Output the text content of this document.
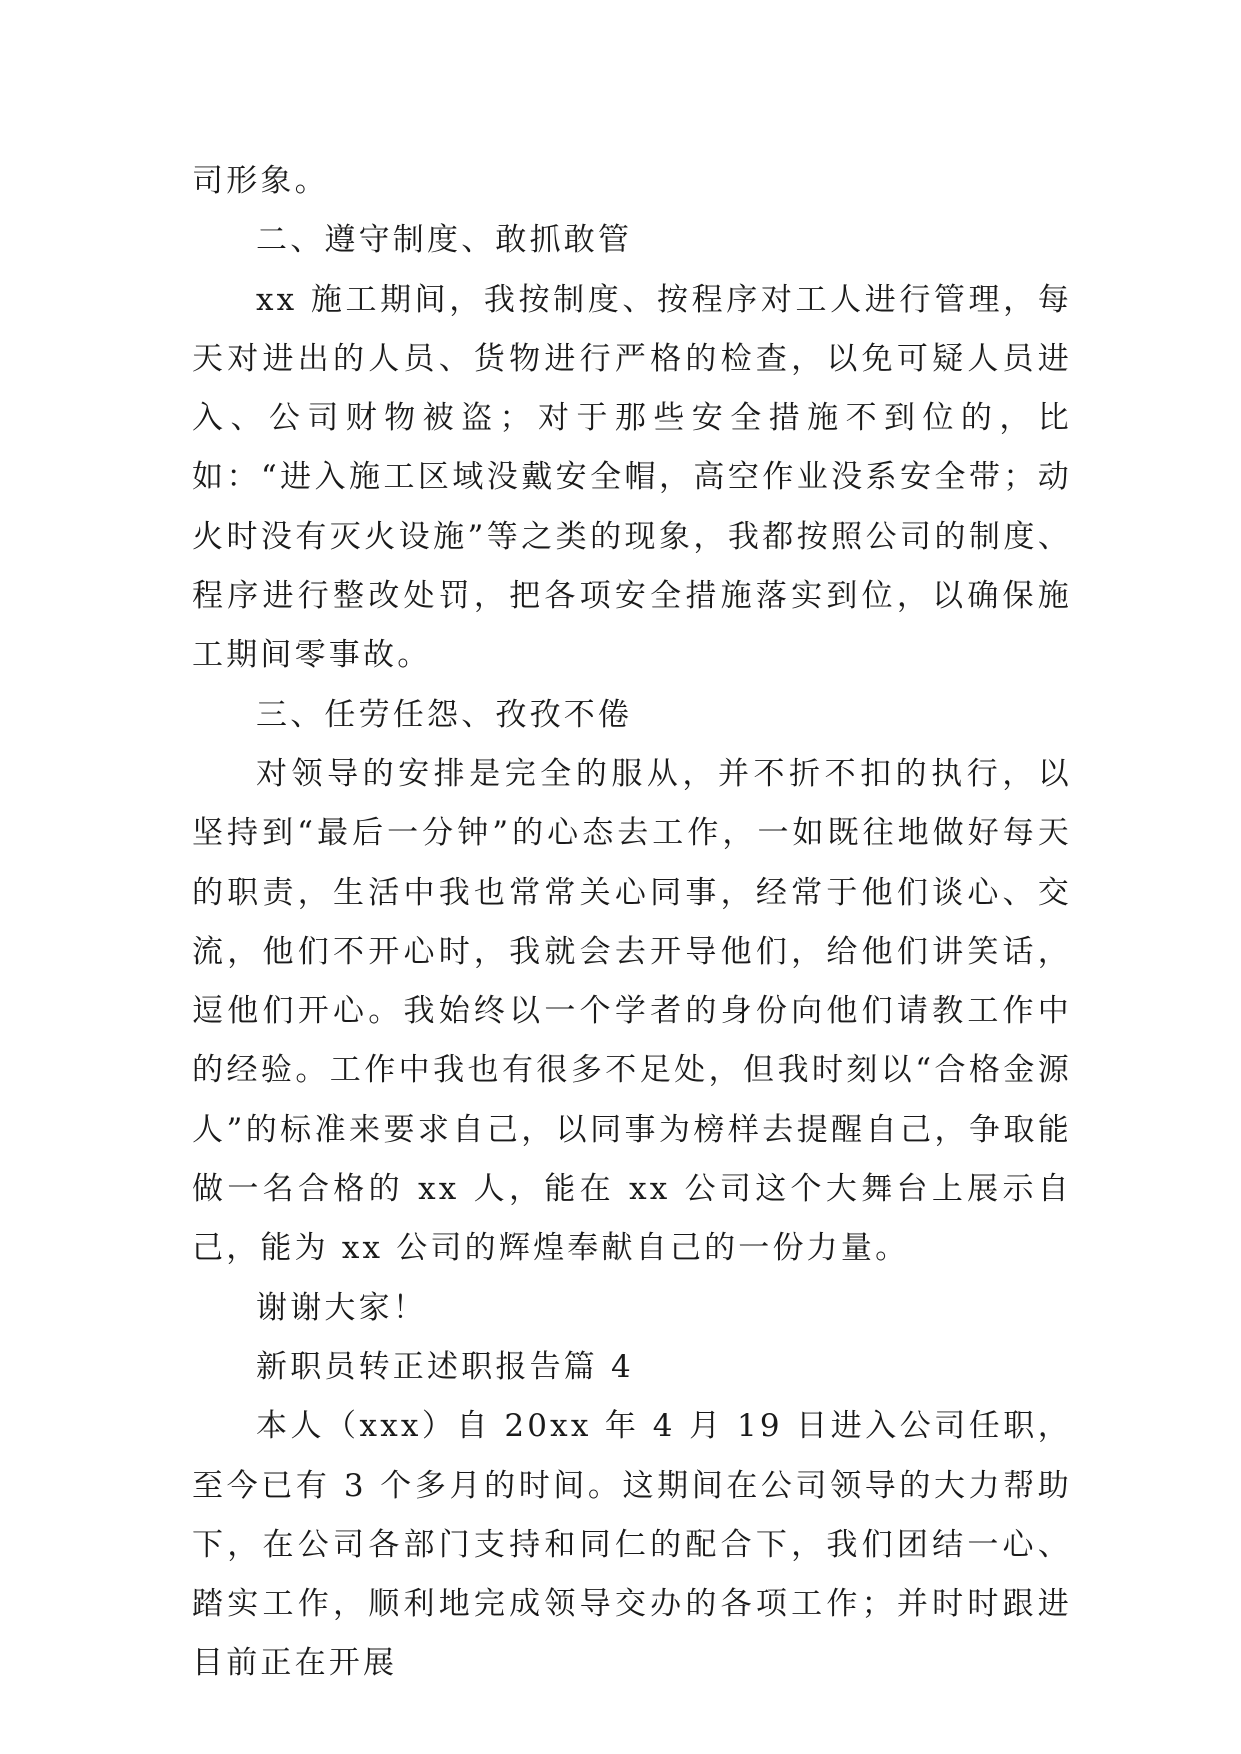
司形象。

二、遵守制度、敢抓敢管

xx 施工期间，我按制度、按程序对工人进行管理，每天对进出的人员、货物进行严格的检查，以免可疑人员进入、公司财物被盗；对于那些安全措施不到位的，比如：“进入施工区域没戴安全帽，高空作业没系安全带；动火时没有灭火设施”等之类的现象，我都按照公司的制度、程序进行整改处罚，把各项安全措施落实到位，以确保施工期间零事故。

三、任劳任怨、孜孜不倦

对领导的安排是完全的服从，并不折不扣的执行，以坚持到“最后一分钟”的心态去工作，一如既往地做好每天的职责，生活中我也常常关心同事，经常于他们谈心、交流，他们不开心时，我就会去开导他们，给他们讲笑话，逗他们开心。我始终以一个学者的身份向他们请教工作中的经验。工作中我也有很多不足处，但我时刻以“合格金源人”的标准来要求自己，以同事为榜样去提醒自己，争取能做一名合格的 xx 人，能在 xx 公司这个大舞台上展示自己，能为 xx 公司的辉煌奉献自己的一份力量。

谢谢大家！

新职员转正述职报告篇 4

本人（xxx）自 20xx 年 4 月 19 日进入公司任职，至今已有 3 个多月的时间。这期间在公司领导的大力帮助下，在公司各部门支持和同仁的配合下，我们团结一心、踏实工作，顺利地完成领导交办的各项工作；并时时跟进目前正在开展
